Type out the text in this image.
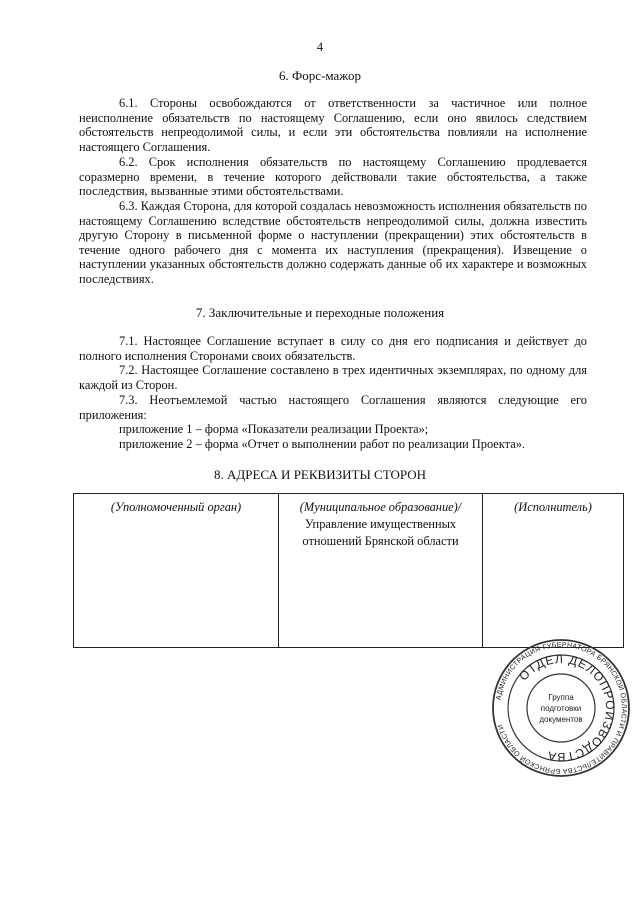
4
6. Форс-мажор

6.1. Стороны освобождаются от ответственности за частичное или полное неисполнение обязательств по настоящему Соглашению, если оно явилось следствием обстоятельств непреодолимой силы, и если эти обстоятельства повлияли на исполнение настоящего Соглашения.

6.2. Срок исполнения обязательств по настоящему Соглашению продлевается соразмерно времени, в течение которого действовали такие обстоятельства, а также последствия, вызванные этими обстоятельствами.

6.3. Каждая Сторона, для которой создалась невозможность исполнения обязательств по настоящему Соглашению вследствие обстоятельств непреодолимой силы, должна известить другую Сторону в письменной форме о наступлении (прекращении) этих обстоятельств в течение одного рабочего дня с момента их наступления (прекращения). Извещение о наступлении указанных обстоятельств должно содержать данные об их характере и возможных последствиях.

7. Заключительные и переходные положения

7.1. Настоящее Соглашение вступает в силу со дня его подписания и действует до полного исполнения Сторонами своих обязательств.

7.2. Настоящее Соглашение составлено в трех идентичных экземплярах, по одному для каждой из Сторон.

7.3. Неотъемлемой частью настоящего Соглашения являются следующие его приложения:

приложение 1 – форма «Показатели реализации Проекта»;
приложение 2 – форма «Отчет о выполнении работ по реализации Проекта».
8. АДРЕСА И РЕКВИЗИТЫ СТОРОН
(Уполномоченный орган)	(Муниципальное образование)/
Управление имущественных отношений Брянской области
(Исполнитель)
АДМИНИСТРАЦИЯ ГУБЕРНАТОРА БРЯНСКОЙ ОБЛАСТИ И ПРАВИТЕЛЬСТВА БРЯНСКОЙ ОБЛАСТИ
ОТДЕЛ ДЕЛОПРОИЗВОДСТВА
Группа
подготовки
документов
